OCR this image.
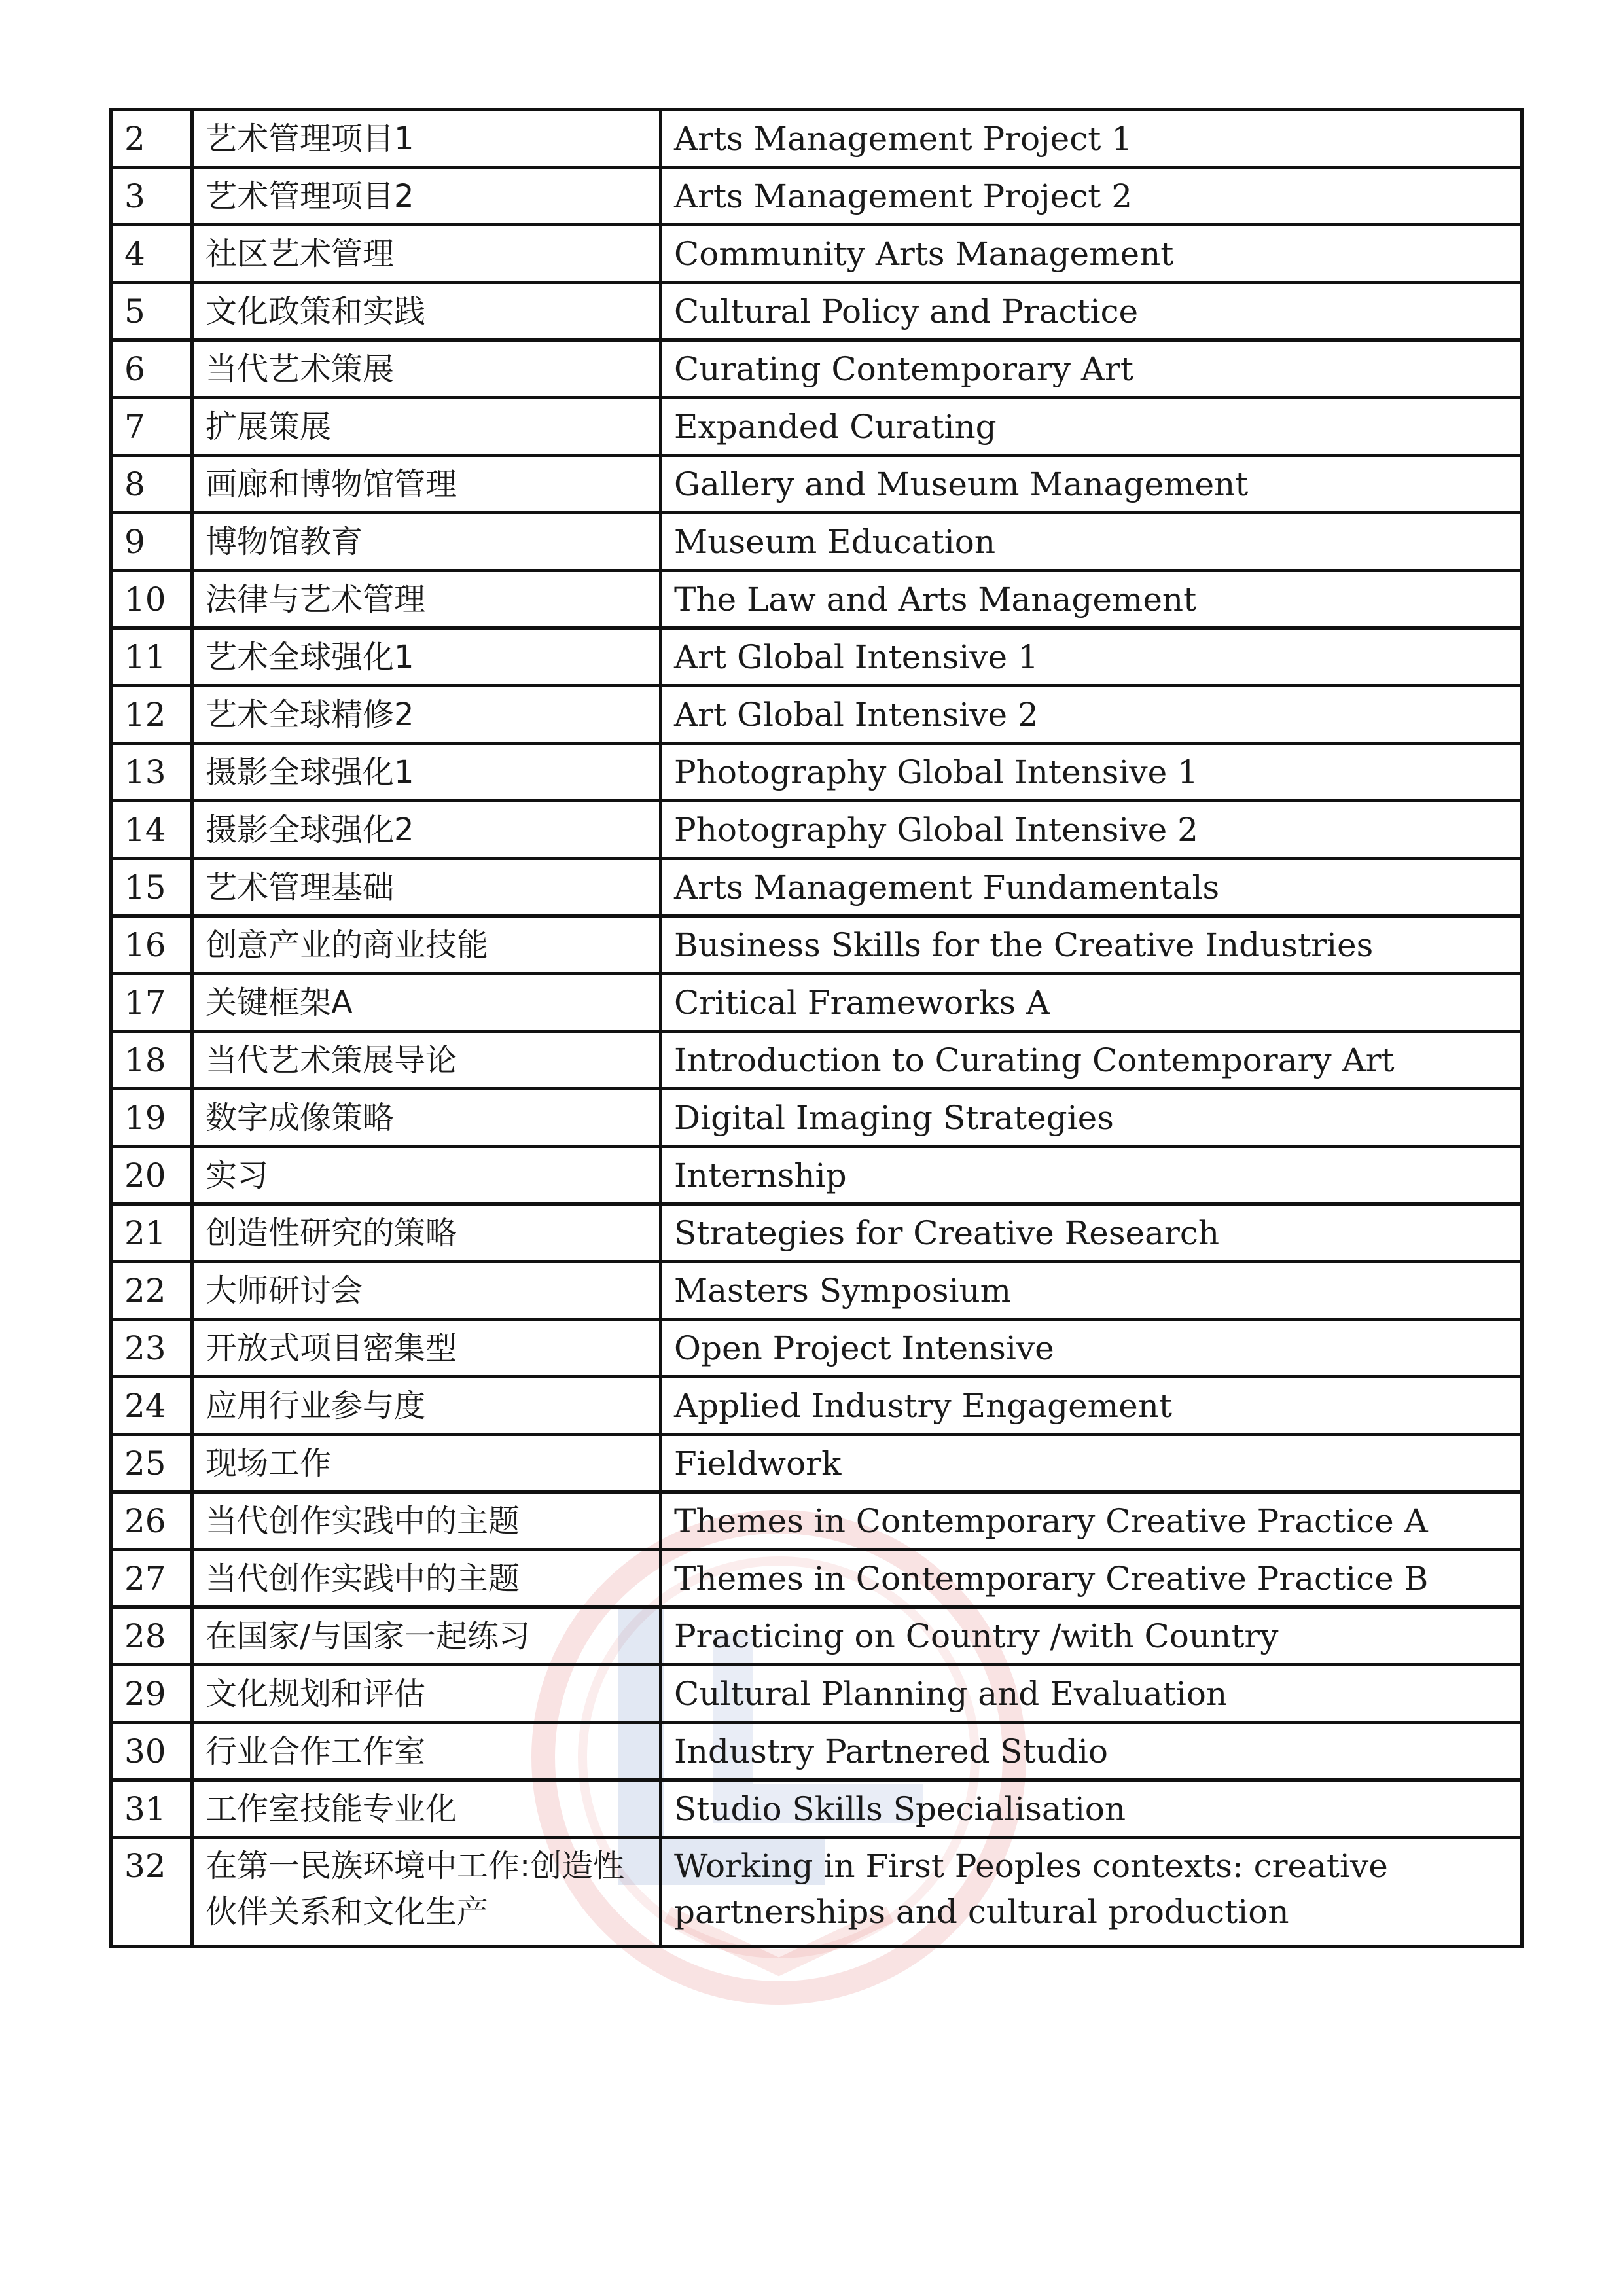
2	艺术管理项目1	Arts Management Project 1
3	艺术管理项目2	Arts Management Project 2
4	社区艺术管理	Community Arts Management
5	文化政策和实践	Cultural Policy and Practice
6	当代艺术策展	Curating Contemporary Art
7	扩展策展	Expanded Curating
8	画廊和博物馆管理	Gallery and Museum Management
9	博物馆教育	Museum Education
10	法律与艺术管理	The Law and Arts Management
11	艺术全球强化1	Art Global Intensive 1
12	艺术全球精修2	Art Global Intensive 2
13	摄影全球强化1	Photography Global Intensive 1
14	摄影全球强化2	Photography Global Intensive 2
15	艺术管理基础	Arts Management Fundamentals
16	创意产业的商业技能	Business Skills for the Creative Industries
17	关键框架A	Critical Frameworks A
18	当代艺术策展导论	Introduction to Curating Contemporary Art
19	数字成像策略	Digital Imaging Strategies
20	实习	Internship
21	创造性研究的策略	Strategies for Creative Research
22	大师研讨会	Masters Symposium
23	开放式项目密集型	Open Project Intensive
24	应用行业参与度	Applied Industry Engagement
25	现场工作	Fieldwork
26	当代创作实践中的主题	Themes in Contemporary Creative Practice A
27	当代创作实践中的主题	Themes in Contemporary Creative Practice B
28	在国家/与国家一起练习	Practicing on Country /with Country
29	文化规划和评估	Cultural Planning and Evaluation
30	行业合作工作室	Industry Partnered Studio
31	工作室技能专业化	Studio Skills Specialisation
32	在第一民族环境中工作:创造性伙伴关系和文化生产	Working in First Peoples contexts: creative partnerships and cultural production
